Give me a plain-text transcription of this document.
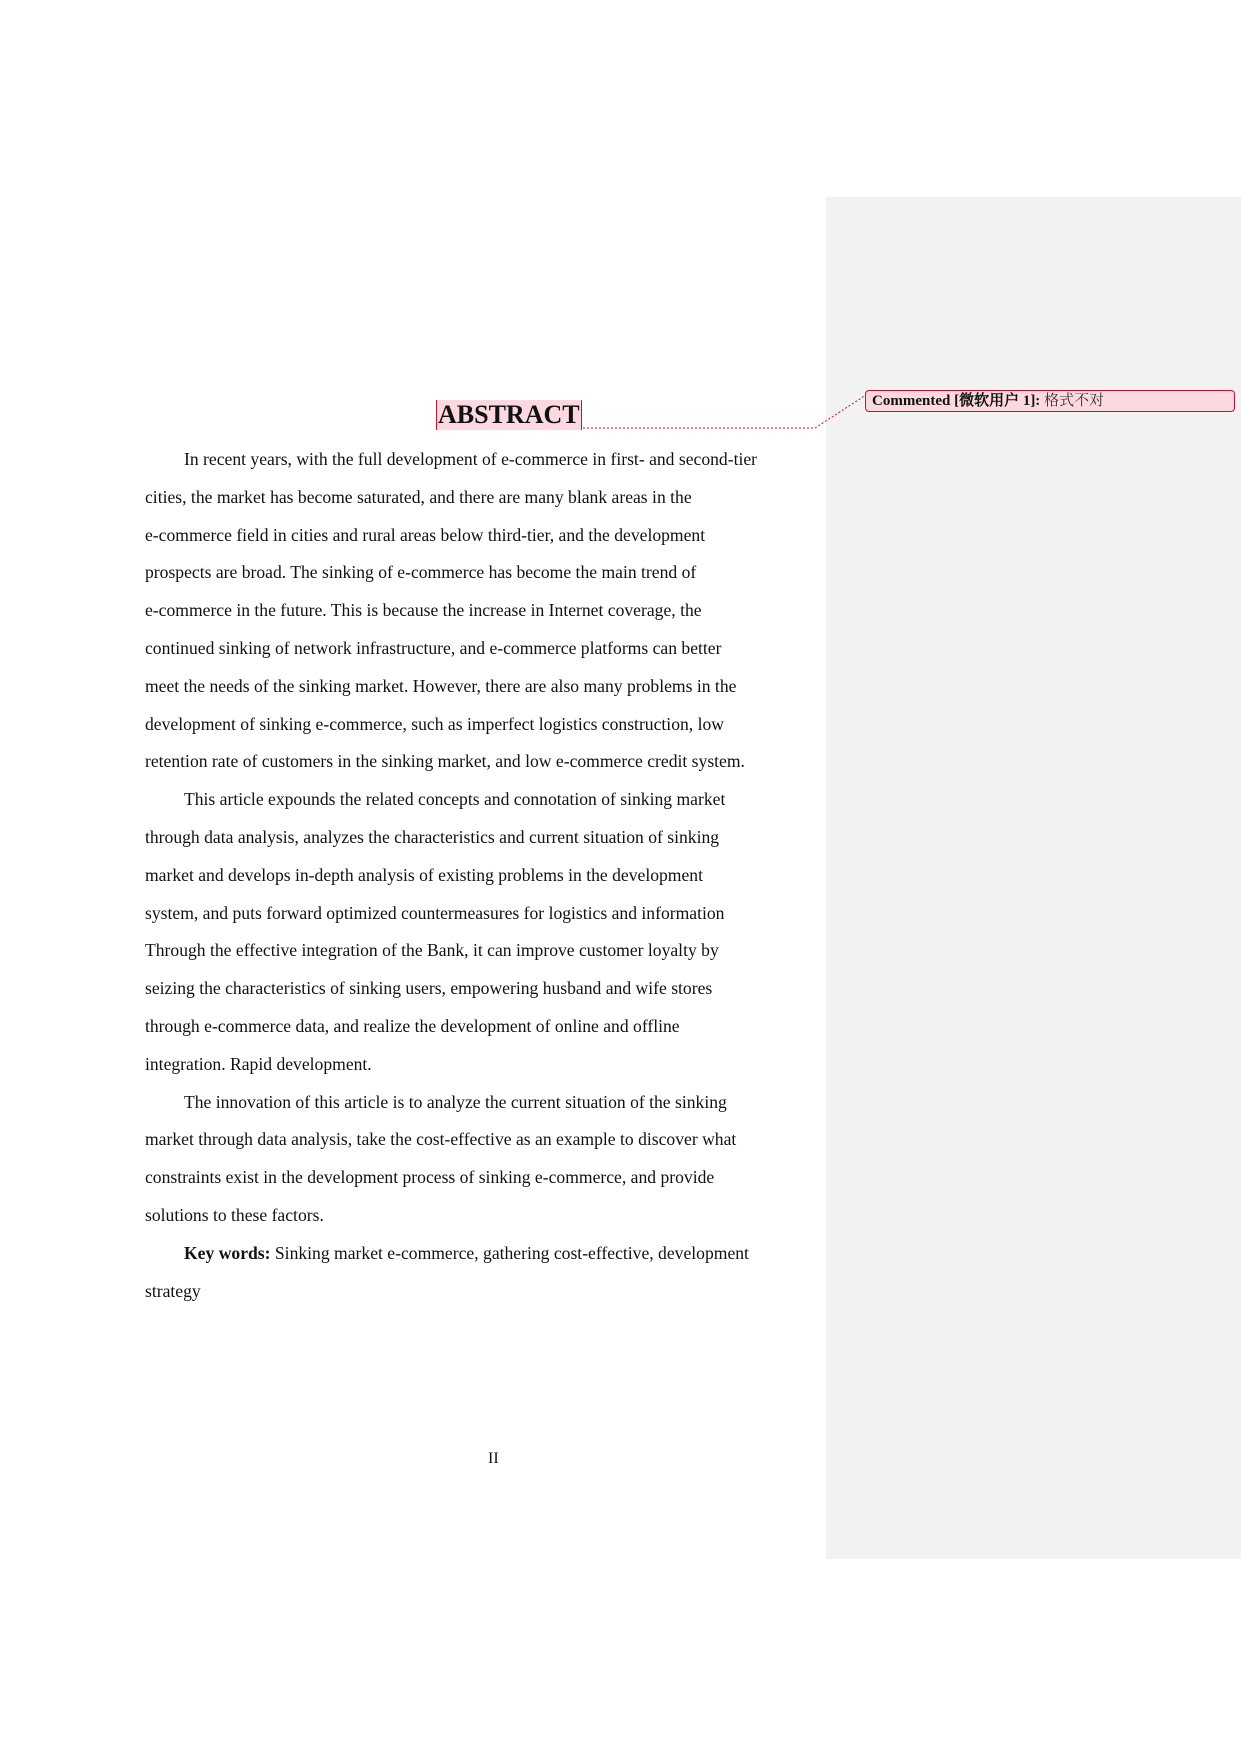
Commented [微软用户 1]: 格式不对
ABSTRACT
In recent years, with the full development of e-commerce in first- and second-tier
cities, the market has become saturated, and there are many blank areas in the
e-commerce field in cities and rural areas below third-tier, and the development
prospects are broad. The sinking of e-commerce has become the main trend of
e-commerce in the future. This is because the increase in Internet coverage, the
continued sinking of network infrastructure, and e-commerce platforms can better
meet the needs of the sinking market. However, there are also many problems in the
development of sinking e-commerce, such as imperfect logistics construction, low
retention rate of customers in the sinking market, and low e-commerce credit system.
This article expounds the related concepts and connotation of sinking market
through data analysis, analyzes the characteristics and current situation of sinking
market and develops in-depth analysis of existing problems in the development
system, and puts forward optimized countermeasures for logistics and information
Through the effective integration of the Bank, it can improve customer loyalty by
seizing the characteristics of sinking users, empowering husband and wife stores
through e-commerce data, and realize the development of online and offline
integration. Rapid development.
The innovation of this article is to analyze the current situation of the sinking
market through data analysis, take the cost-effective as an example to discover what
constraints exist in the development process of sinking e-commerce, and provide
solutions to these factors.
Key words: Sinking market e-commerce, gathering cost-effective, development
strategy
II
